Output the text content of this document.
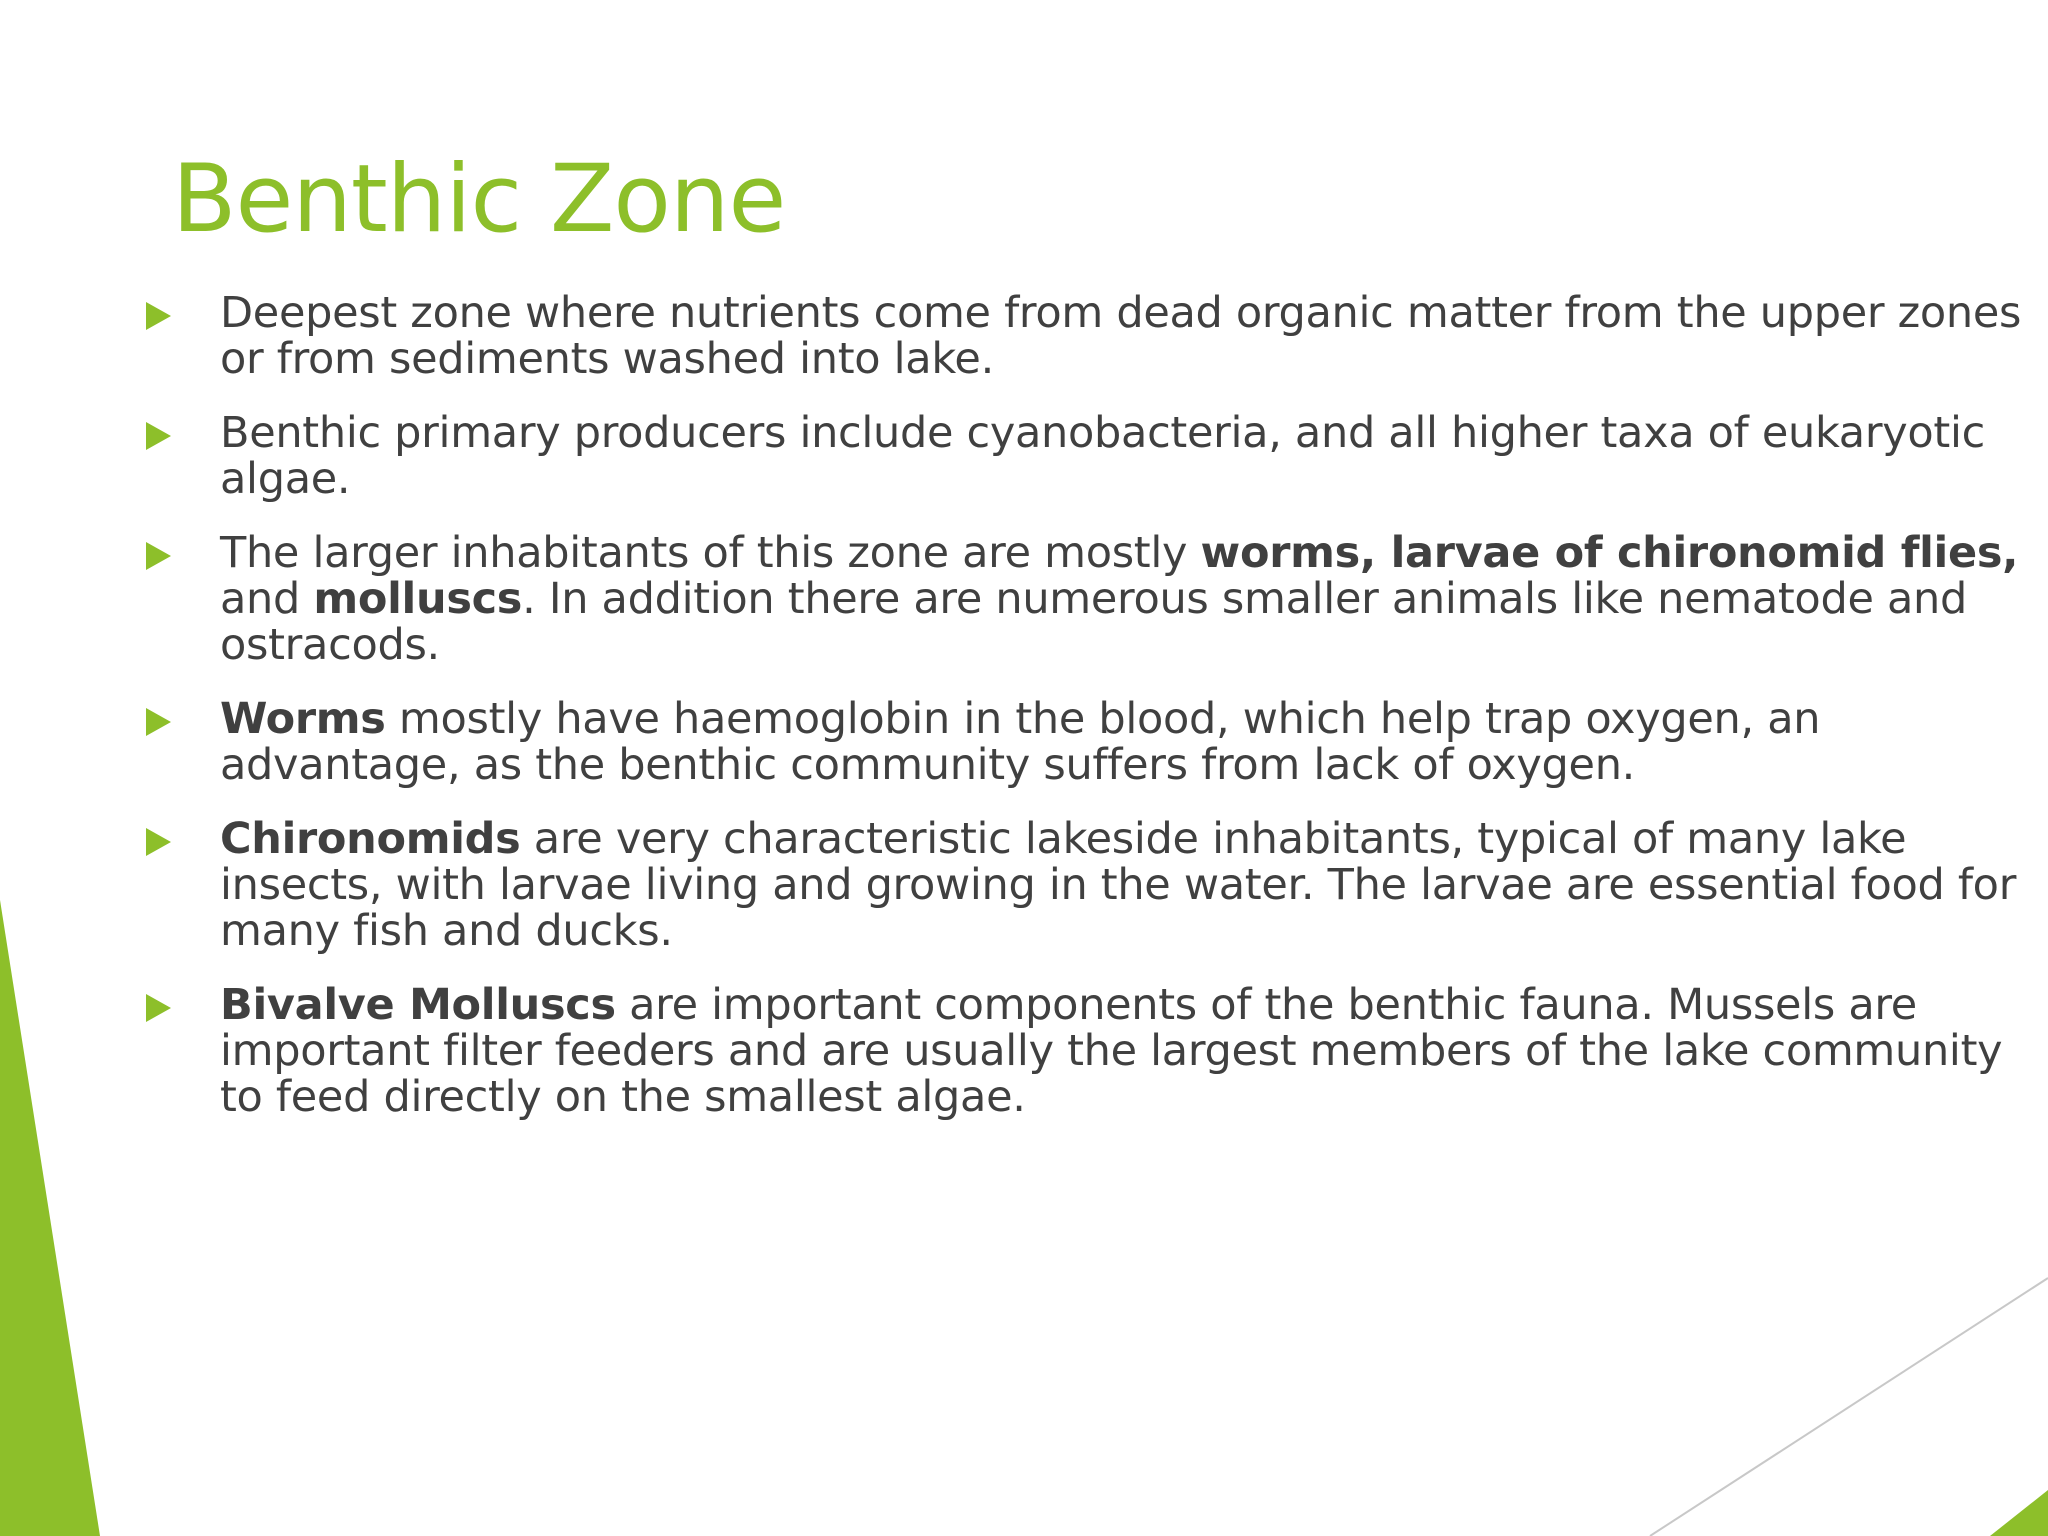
Benthic Zone
Deepest zone where nutrients come from dead organic matter from the upper zones or from sediments washed into lake.
Benthic primary producers include cyanobacteria, and all higher taxa of eukaryotic algae.
The larger inhabitants of this zone are mostly worms, larvae of chironomid flies, and molluscs. In addition there are numerous smaller animals like nematode and ostracods.
Worms mostly have haemoglobin in the blood, which help trap oxygen, an advantage, as the benthic community suffers from lack of oxygen.
Chironomids are very characteristic lakeside inhabitants, typical of many lake insects, with larvae living and growing in the water. The larvae are essential food for many fish and ducks.
Bivalve Molluscs are important components of the benthic fauna. Mussels are important filter feeders and are usually the largest members of the lake community to feed directly on the smallest algae.
